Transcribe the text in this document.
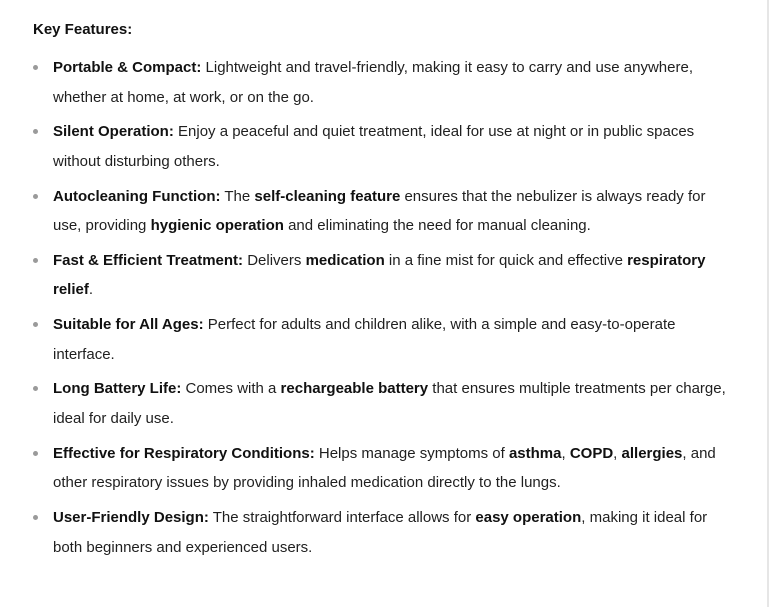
Key Features:
Portable & Compact: Lightweight and travel-friendly, making it easy to carry and use anywhere, whether at home, at work, or on the go.
Silent Operation: Enjoy a peaceful and quiet treatment, ideal for use at night or in public spaces without disturbing others.
Autocleaning Function: The self-cleaning feature ensures that the nebulizer is always ready for use, providing hygienic operation and eliminating the need for manual cleaning.
Fast & Efficient Treatment: Delivers medication in a fine mist for quick and effective respiratory relief.
Suitable for All Ages: Perfect for adults and children alike, with a simple and easy-to-operate interface.
Long Battery Life: Comes with a rechargeable battery that ensures multiple treatments per charge, ideal for daily use.
Effective for Respiratory Conditions: Helps manage symptoms of asthma, COPD, allergies, and other respiratory issues by providing inhaled medication directly to the lungs.
User-Friendly Design: The straightforward interface allows for easy operation, making it ideal for both beginners and experienced users.
